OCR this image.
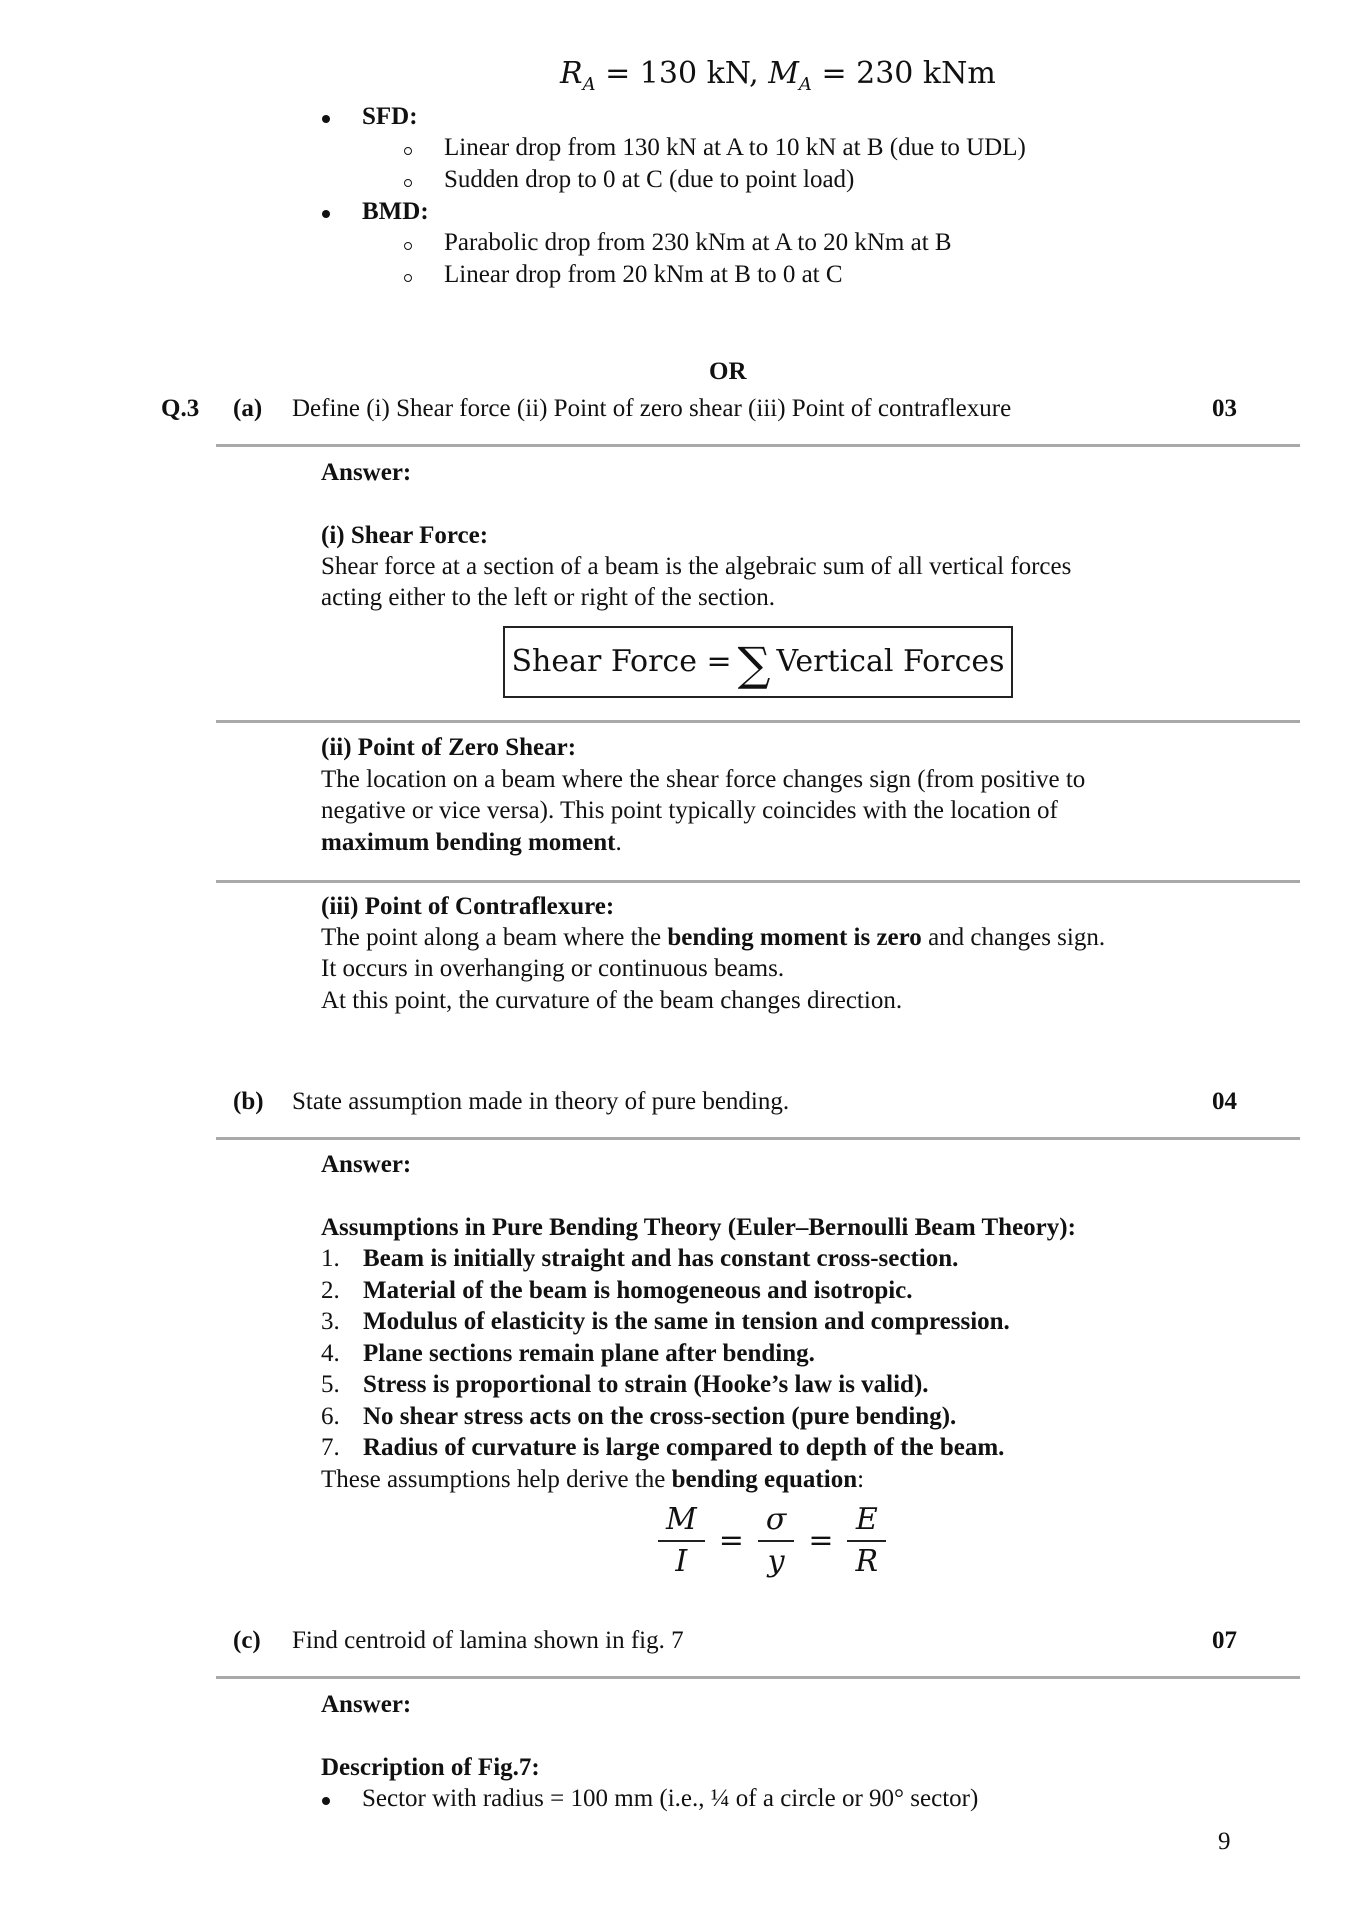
$R_A = 130$ kN, $M_A = 230$ kNm
SFD:
Linear drop from 130 kN at A to 10 kN at B (due to UDL)
Sudden drop to 0 at C (due to point load)
BMD:
Parabolic drop from 230 kNm at A to 20 kNm at B
Linear drop from 20 kNm at B to 0 at C
OR
Q.3 (a) Define (i) Shear force (ii) Point of zero shear (iii) Point of contraflexure	03
Answer:
(i) Shear Force:
Shear force at a section of a beam is the algebraic sum of all vertical forces
acting either to the left or right of the section.
Shear Force = ∑ Vertical Forces
(ii) Point of Zero Shear:
The location on a beam where the shear force changes sign (from positive to
negative or vice versa). This point typically coincides with the location of
maximum bending moment.
(iii) Point of Contraflexure:
The point along a beam where the bending moment is zero and changes sign.
It occurs in overhanging or continuous beams.
At this point, the curvature of the beam changes direction.
(b) State assumption made in theory of pure bending.	04
Answer:
Assumptions in Pure Bending Theory (Euler–Bernoulli Beam Theory):
1. Beam is initially straight and has constant cross-section.
2. Material of the beam is homogeneous and isotropic.
3. Modulus of elasticity is the same in tension and compression.
4. Plane sections remain plane after bending.
5. Stress is proportional to strain (Hooke’s law is valid).
6. No shear stress acts on the cross-section (pure bending).
7. Radius of curvature is large compared to depth of the beam.
These assumptions help derive the bending equation:
$\frac{M}{I} = \frac{\sigma}{y} = \frac{E}{R}$
(c) Find centroid of lamina shown in fig. 7	07
Answer:
Description of Fig.7:
Sector with radius = 100 mm (i.e., ¼ of a circle or 90° sector)
9
